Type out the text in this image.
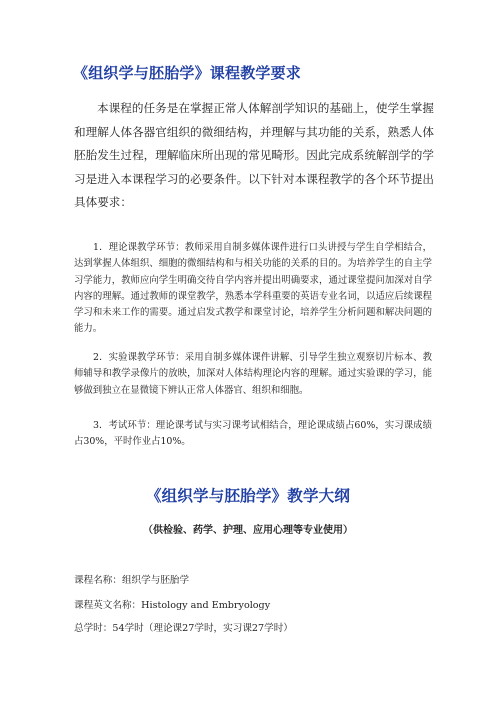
《组织学与胚胎学》课程教学要求
本课程的任务是在掌握正常人体解剖学知识的基础上，使学生掌握和理解人体各器官组织的微细结构，并理解与其功能的关系，熟悉人体胚胎发生过程，理解临床所出现的常见畸形。因此完成系统解剖学的学习是进入本课程学习的必要条件。以下针对本课程教学的各个环节提出具体要求：
1．理论课教学环节：教师采用自制多媒体课件进行口头讲授与学生自学相结合，达到掌握人体组织、细胞的微细结构和与相关功能的关系的目的。为培养学生的自主学习学能力，教师应向学生明确交待自学内容并提出明确要求，通过课堂提问加深对自学内容的理解。通过教师的课堂教学，熟悉本学科重要的英语专业名词，以适应后续课程学习和未来工作的需要。通过启发式教学和课堂讨论，培养学生分析问题和解决问题的能力。
2．实验课教学环节：采用自制多媒体课件讲解、引导学生独立观察切片标本、教师辅导和教学录像片的放映，加深对人体结构理论内容的理解。通过实验课的学习，能够做到独立在显微镜下辨认正常人体器官、组织和细胞。
3．考试环节：理论课考试与实习课考试相结合，理论课成绩占60%，实习课成绩占30%，平时作业占10%。
《组织学与胚胎学》教学大纲
（供检验、药学、护理、应用心理等专业使用）
课程名称：组织学与胚胎学
课程英文名称：Histology and Embryology
总学时：54学时（理论课27学时，实习课27学时）
